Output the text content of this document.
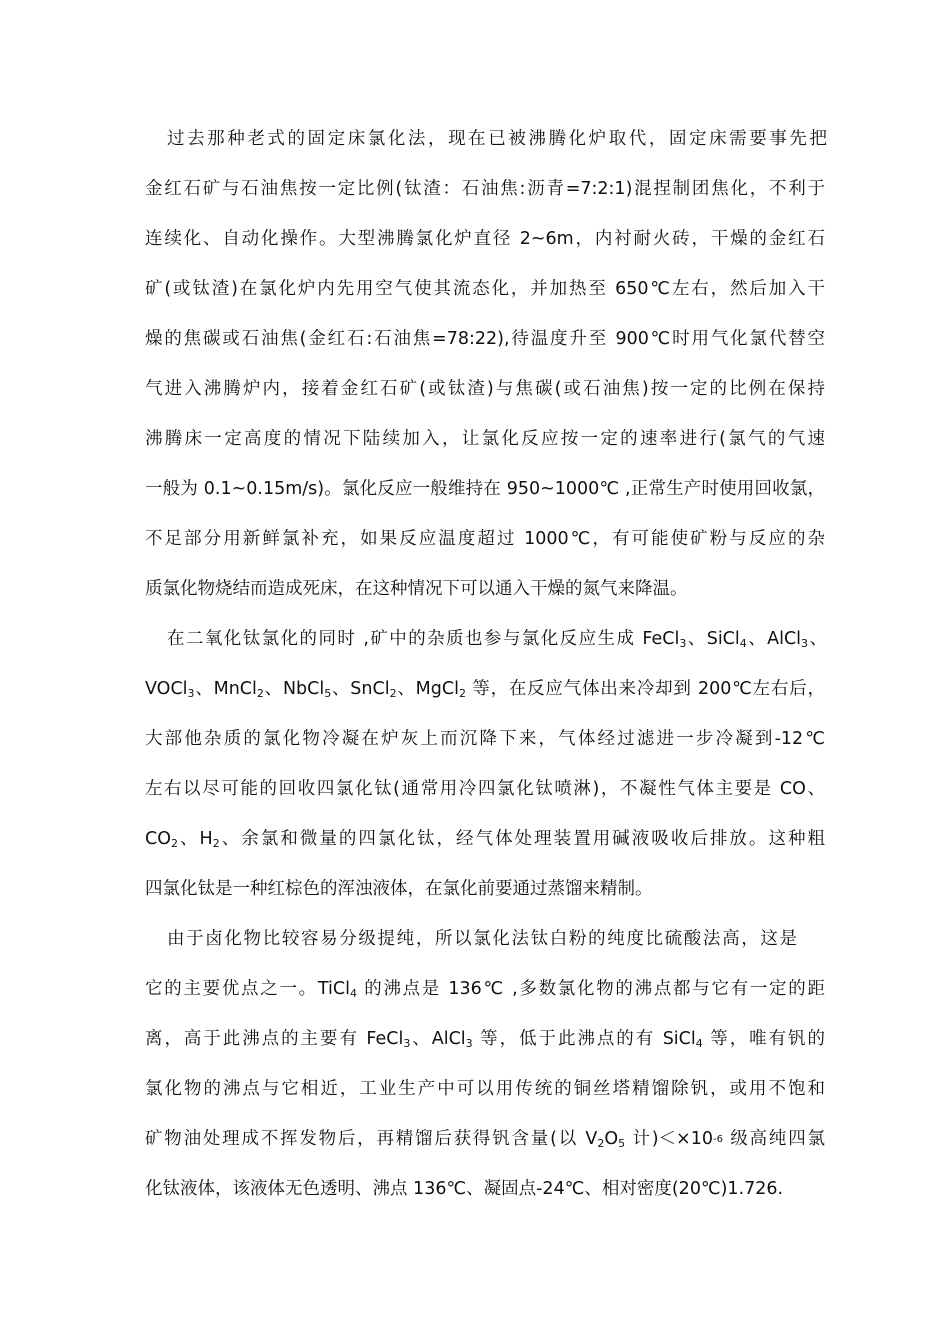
过去那种老式的固定床氯化法，现在已被沸腾化炉取代，固定床需要事先把
金红石矿与石油焦按一定比例(钛渣：石油焦:沥青=7:2:1)混捏制团焦化，不利于
连续化、自动化操作。大型沸腾氯化炉直径 2~6m，内衬耐火砖，干燥的金红石
矿(或钛渣)在氯化炉内先用空气使其流态化，并加热至 650℃左右，然后加入干
燥的焦碳或石油焦(金红石:石油焦=78:22),待温度升至 900℃时用气化氯代替空
气进入沸腾炉内，接着金红石矿(或钛渣)与焦碳(或石油焦)按一定的比例在保持
沸腾床一定高度的情况下陆续加入，让氯化反应按一定的速率进行(氯气的气速
一般为 0.1~0.15m/s)。氯化反应一般维持在 950~1000℃ ,正常生产时使用回收氯，
不足部分用新鲜氯补充，如果反应温度超过 1000℃，有可能使矿粉与反应的杂
质氯化物烧结而造成死床，在这种情况下可以通入干燥的氮气来降温。
在二氧化钛氯化的同时 ,矿中的杂质也参与氯化反应生成 FeCl$_3$、SiCl$_4$、AlCl$_3$、
VOCl$_3$、MnCl$_2$、NbCl$_5$、SnCl$_2$、MgCl$_2$ 等，在反应气体出来冷却到 200℃左右后，
大部他杂质的氯化物冷凝在炉灰上而沉降下来，气体经过滤进一步冷凝到-12℃
左右以尽可能的回收四氯化钛(通常用冷四氯化钛喷淋)，不凝性气体主要是 CO、
$CO_2$、$H_2$、余氯和微量的四氯化钛，经气体处理装置用碱液吸收后排放。这种粗
四氯化钛是一种红棕色的浑浊液体，在氯化前要通过蒸馏来精制。
由于卤化物比较容易分级提纯，所以氯化法钛白粉的纯度比硫酸法高，这是
它的主要优点之一。TiCl$_4$ 的沸点是 136℃ ,多数氯化物的沸点都与它有一定的距
离，高于此沸点的主要有 FeCl$_3$、AlCl$_3$ 等，低于此沸点的有 SiCl$_4$ 等，唯有钒的
氯化物的沸点与它相近，工业生产中可以用传统的铜丝塔精馏除钒，或用不饱和
矿物油处理成不挥发物后，再精馏后获得钒含量(以 $V_2O_5$ 计)$<\times 10^{-6}$ 级高纯四氯
化钛液体，该液体无色透明、沸点 136℃、凝固点-24℃、相对密度(20℃)1.726.
